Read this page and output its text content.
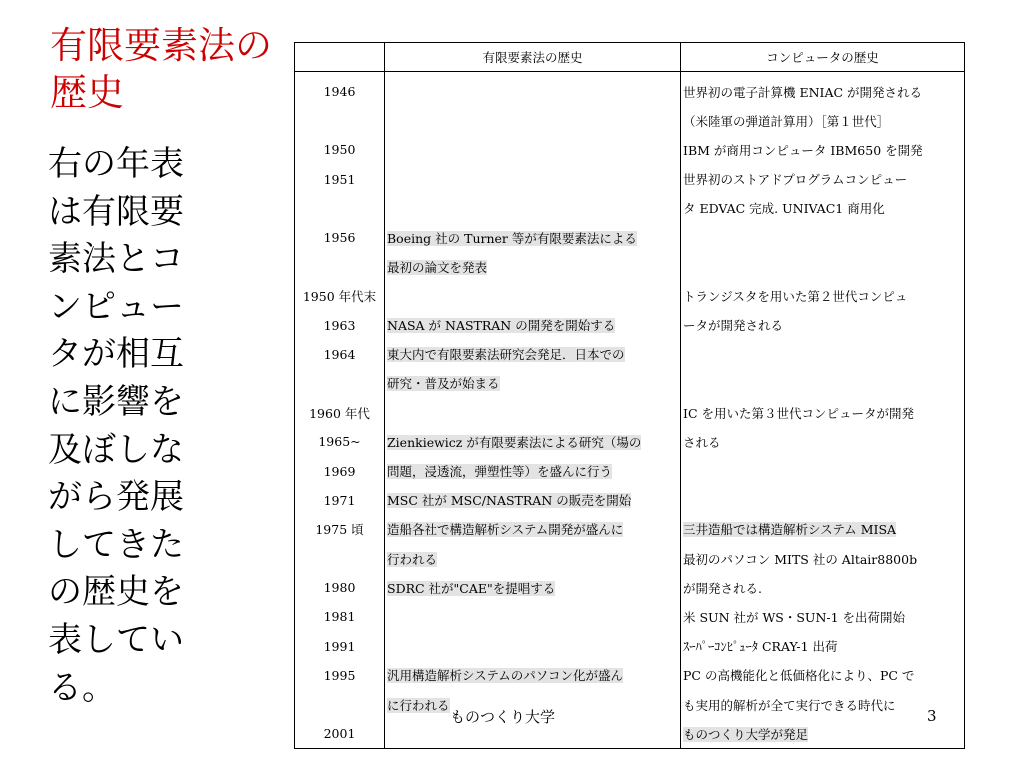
有限要素法の歴史

右の年表は有限要素法とコンピュータが相互に影響を及ぼしながら発展してきたの歴史を表している。

	有限要素法の歴史	コンピュータの歴史
1946		世界初の電子計算機 ENIAC が開発される
		（米陸軍の弾道計算用）［第１世代］
1950		IBM が商用コンピュータ IBM650 を開発
1951		世界初のストアドプログラムコンピュー
		タ EDVAC 完成. UNIVAC1 商用化
1956	Boeing 社の Turner 等が有限要素法による	
	最初の論文を発表	
1950 年代末		トランジスタを用いた第２世代コンピュ
1963	NASA が NASTRAN の開発を開始する	ータが開発される
1964	東大内で有限要素法研究会発足．日本での	
	研究・普及が始まる	
1960 年代		IC を用いた第３世代コンピュータが開発
1965~	Zienkiewicz が有限要素法による研究（場の	される
1969	問題，浸透流，弾塑性等）を盛んに行う	
1971	MSC 社が MSC/NASTRAN の販売を開始	
1975 頃	造船各社で構造解析システム開発が盛んに	三井造船では構造解析システム MISA
	行われる	最初のパソコン MITS 社の Altair8800b
1980	SDRC 社が"CAE"を提唱する	が開発される.
1981		米 SUN 社が WS・SUN-1 を出荷開始
1991		ｽｰﾊﾟｰｺﾝﾋﾟｭｰﾀ CRAY-1 出荷
1995	汎用構造解析システムのパソコン化が盛ん	PC の高機能化と低価格化により、PC で
	に行われる	も実用的解析が全て実行できる時代に
2001		ものつくり大学が発足
ものつくり大学	3
